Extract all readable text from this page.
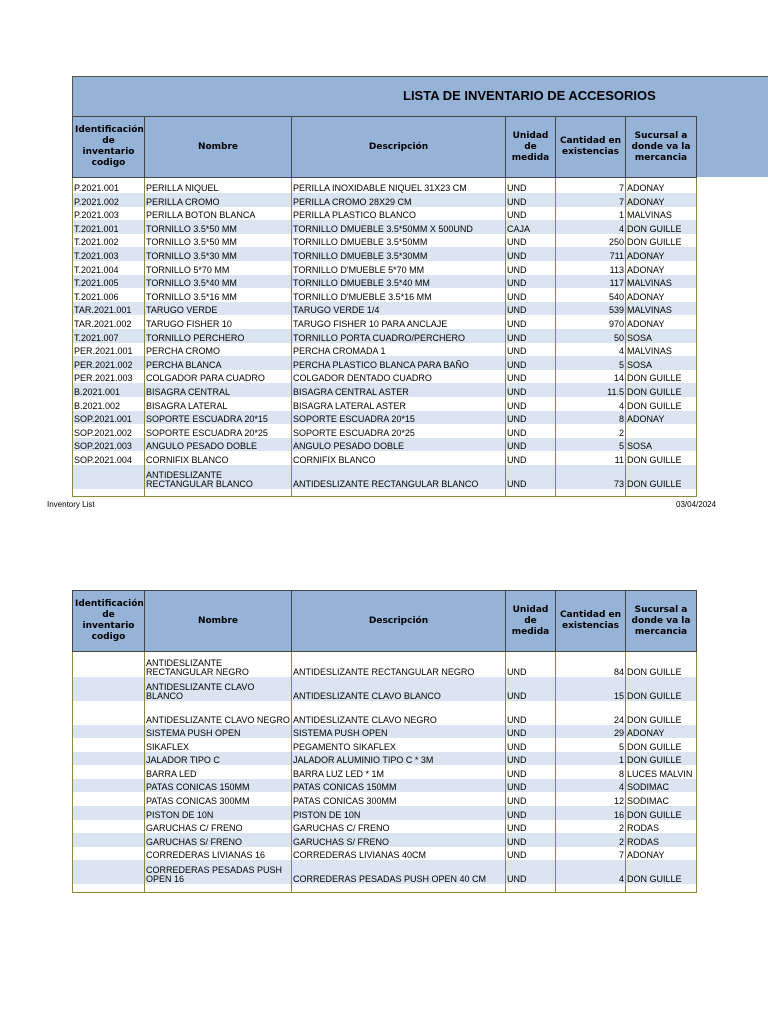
LISTA DE INVENTARIO DE ACCESORIOS
Identificación de inventario codigo	Nombre	Descripción	Unidad de medida	Cantidad en existencias	Sucursal a donde va la mercancia

P.2021.001	PERILLA NIQUEL	PERILLA INOXIDABLE NIQUEL 31X23 CM	UND	7	ADONAY
P.2021.002	PERILLA CROMO	PERILLA CROMO 28X29 CM	UND	7	ADONAY
P.2021.003	PERILLA BOTON BLANCA	PERILLA PLASTICO BLANCO	UND	1	MALVINAS
T.2021.001	TORNILLO 3.5*50 MM	TORNILLO DMUEBLE 3.5*50MM X 500UND	CAJA	4	DON GUILLE
T.2021.002	TORNILLO 3.5*50 MM	TORNILLO DMUEBLE 3.5*50MM	UND	250	DON GUILLE
T.2021.003	TORNILLO 3.5*30 MM	TORNILLO DMUEBLE 3.5*30MM	UND	711	ADONAY
T.2021.004	TORNILLO 5*70 MM	TORNILLO D'MUEBLE 5*70 MM	UND	113	ADONAY
T.2021.005	TORNILLO 3.5*40 MM	TORNILLO DMUEBLE 3.5*40 MM	UND	117	MALVINAS
T.2021.006	TORNILLO 3.5*16 MM	TORNILLO D'MUEBLE 3.5*16 MM	UND	540	ADONAY
TAR.2021.001	TARUGO VERDE	TARUGO VERDE 1/4	UND	539	MALVINAS
TAR.2021.002	TARUGO FISHER 10	TARUGO FISHER 10 PARA ANCLAJE	UND	970	ADONAY
T.2021.007	TORNILLO PERCHERO	TORNILLO PORTA CUADRO/PERCHERO	UND	50	SOSA
PER.2021.001	PERCHA CROMO	PERCHA CROMADA 1	UND	4	MALVINAS
PER.2021.002	PERCHA BLANCA	PERCHA PLASTICO BLANCA PARA BAÑO	UND	5	SOSA
PER.2021.003	COLGADOR PARA CUADRO	COLGADOR DENTADO CUADRO	UND	14	DON GUILLE
B.2021.001	BISAGRA CENTRAL	BISAGRA CENTRAL ASTER	UND	11.5	DON GUILLE
B.2021.002	BISAGRA LATERAL	BISAGRA LATERAL ASTER	UND	4	DON GUILLE
SOP.2021.001	SOPORTE ESCUADRA 20*15	SOPORTE ESCUADRA 20*15	UND	8	ADONAY
SOP.2021.002	SOPORTE ESCUADRA 20*25	SOPORTE ESCUADRA 20*25	UND	2	
SOP.2021.003	ANGULO PESADO DOBLE	ANGULO PESADO DOBLE	UND	5	SOSA
SOP.2021.004	CORNIFIX BLANCO	CORNIFIX BLANCO	UND	11	DON GUILLE
	ANTIDESLIZANTE RECTANGULAR BLANCO	ANTIDESLIZANTE RECTANGULAR BLANCO	UND	73	DON GUILLE

Inventory List	03/04/2024
Identificación de inventario codigo	Nombre	Descripción	Unidad de medida	Cantidad en existencias	Sucursal a donde va la mercancia

	ANTIDESLIZANTE RECTANGULAR NEGRO	ANTIDESLIZANTE RECTANGULAR NEGRO	UND	84	DON GUILLE
	ANTIDESLIZANTE CLAVO BLANCO	ANTIDESLIZANTE CLAVO BLANCO	UND	15	DON GUILLE
	ANTIDESLIZANTE CLAVO NEGRO	ANTIDESLIZANTE CLAVO NEGRO	UND	24	DON GUILLE
	SISTEMA PUSH OPEN	SISTEMA PUSH OPEN	UND	29	ADONAY
	SIKAFLEX	PEGAMENTO SIKAFLEX	UND	5	DON GUILLE
	JALADOR TIPO C	JALADOR ALUMINIO TIPO C * 3M	UND	1	DON GUILLE
	BARRA LED	BARRA LUZ LED * 1M	UND	8	LUCES MALVIN
	PATAS CONICAS 150MM	PATAS CONICAS 150MM	UND	4	SODIMAC
	PATAS CONICAS 300MM	PATAS CONICAS 300MM	UND	12	SODIMAC
	PISTON DE 10N	PISTON DE 10N	UND	16	DON GUILLE
	GARUCHAS C/ FRENO	GARUCHAS C/ FRENO	UND	2	RODAS
	GARUCHAS S/ FRENO	GARUCHAS S/ FRENO	UND	2	RODAS
	CORREDERAS LIVIANAS 16	CORREDERAS LIVIANAS 40CM	UND	7	ADONAY
	CORREDERAS PESADAS PUSH OPEN 16	CORREDERAS PESADAS PUSH OPEN 40 CM	UND	4	DON GUILLE
